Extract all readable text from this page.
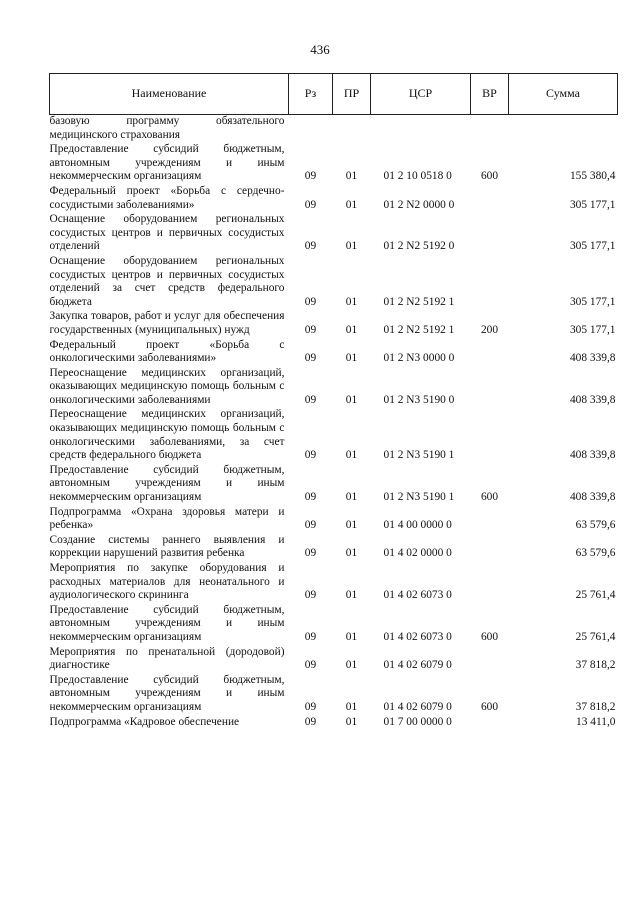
436
Наименование	Рз	ПР	ЦСР	ВР	Сумма
базовую программу обязательного медицинского страхования					
Предоставление субсидий бюджетным, автономным учреждениям и иным некоммерческим организациям	09	01	01 2 10 0518 0	600	155 380,4
Федеральный проект «Борьба с сердечно-сосудистыми заболеваниями»	09	01	01 2 N2 0000 0		305 177,1
Оснащение оборудованием региональных сосудистых центров и первичных сосудистых отделений	09	01	01 2 N2 5192 0		305 177,1
Оснащение оборудованием региональных сосудистых центров и первичных сосудистых отделений за счет средств федерального бюджета	09	01	01 2 N2 5192 1		305 177,1
Закупка товаров, работ и услуг для обеспечения государственных (муниципальных) нужд	09	01	01 2 N2 5192 1	200	305 177,1
Федеральный проект «Борьба с онкологическими заболеваниями»	09	01	01 2 N3 0000 0		408 339,8
Переоснащение медицинских организаций, оказывающих медицинскую помощь больным с онкологическими заболеваниями	09	01	01 2 N3 5190 0		408 339,8
Переоснащение медицинских организаций, оказывающих медицинскую помощь больным с онкологическими заболеваниями, за счет средств федерального бюджета	09	01	01 2 N3 5190 1		408 339,8
Предоставление субсидий бюджетным, автономным учреждениям и иным некоммерческим организациям	09	01	01 2 N3 5190 1	600	408 339,8
Подпрограмма «Охрана здоровья матери и ребенка»	09	01	01 4 00 0000 0		63 579,6
Создание системы раннего выявления и коррекции нарушений развития ребенка	09	01	01 4 02 0000 0		63 579,6
Мероприятия по закупке оборудования и расходных материалов для неонатального и аудиологического скрининга	09	01	01 4 02 6073 0		25 761,4
Предоставление субсидий бюджетным, автономным учреждениям и иным некоммерческим организациям	09	01	01 4 02 6073 0	600	25 761,4
Мероприятия по пренатальной (дородовой) диагностике	09	01	01 4 02 6079 0		37 818,2
Предоставление субсидий бюджетным, автономным учреждениям и иным некоммерческим организациям	09	01	01 4 02 6079 0	600	37 818,2
Подпрограмма «Кадровое обеспечение	09	01	01 7 00 0000 0		13 411,0
